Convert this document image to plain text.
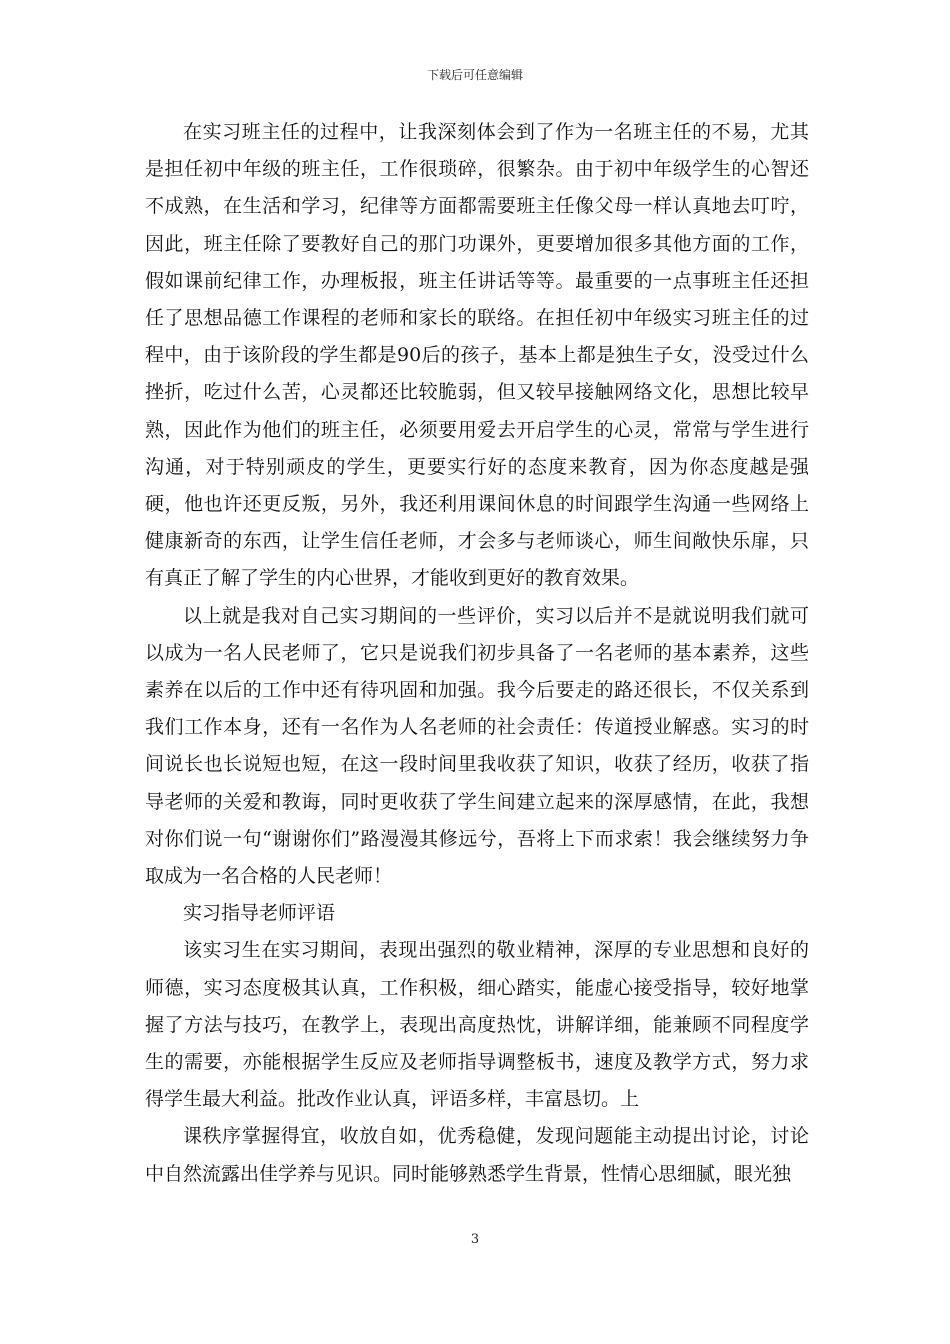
下载后可任意编辑

在实习班主任的过程中，让我深刻体会到了作为一名班主任的不易，尤其是担任初中年级的班主任，工作很琐碎，很繁杂。由于初中年级学生的心智还不成熟，在生活和学习，纪律等方面都需要班主任像父母一样认真地去叮咛，因此，班主任除了要教好自己的那门功课外，更要增加很多其他方面的工作，假如课前纪律工作，办理板报，班主任讲话等等。最重要的一点事班主任还担任了思想品德工作课程的老师和家长的联络。在担任初中年级实习班主任的过程中，由于该阶段的学生都是90后的孩子，基本上都是独生子女，没受过什么挫折，吃过什么苦，心灵都还比较脆弱，但又较早接触网络文化，思想比较早熟，因此作为他们的班主任，必须要用爱去开启学生的心灵，常常与学生进行沟通，对于特别顽皮的学生，更要实行好的态度来教育，因为你态度越是强硬，他也许还更反叛，另外，我还利用课间休息的时间跟学生沟通一些网络上健康新奇的东西，让学生信任老师，才会多与老师谈心，师生间敞快乐扉，只有真正了解了学生的内心世界，才能收到更好的教育效果。

以上就是我对自己实习期间的一些评价，实习以后并不是就说明我们就可以成为一名人民老师了，它只是说我们初步具备了一名老师的基本素养，这些素养在以后的工作中还有待巩固和加强。我今后要走的路还很长，不仅关系到我们工作本身，还有一名作为人名老师的社会责任：传道授业解惑。实习的时间说长也长说短也短，在这一段时间里我收获了知识，收获了经历，收获了指导老师的关爱和教诲，同时更收获了学生间建立起来的深厚感情，在此，我想对你们说一句“谢谢你们”路漫漫其修远兮，吾将上下而求索！我会继续努力争取成为一名合格的人民老师！

实习指导老师评语

该实习生在实习期间，表现出强烈的敬业精神，深厚的专业思想和良好的师德，实习态度极其认真，工作积极，细心踏实，能虚心接受指导，较好地掌握了方法与技巧，在教学上，表现出高度热忱，讲解详细，能兼顾不同程度学生的需要，亦能根据学生反应及老师指导调整板书，速度及教学方式，努力求得学生最大利益。批改作业认真，评语多样，丰富恳切。上

课秩序掌握得宜，收放自如，优秀稳健，发现问题能主动提出讨论，讨论中自然流露出佳学养与见识。同时能够熟悉学生背景，性情心思细腻，眼光独

3
